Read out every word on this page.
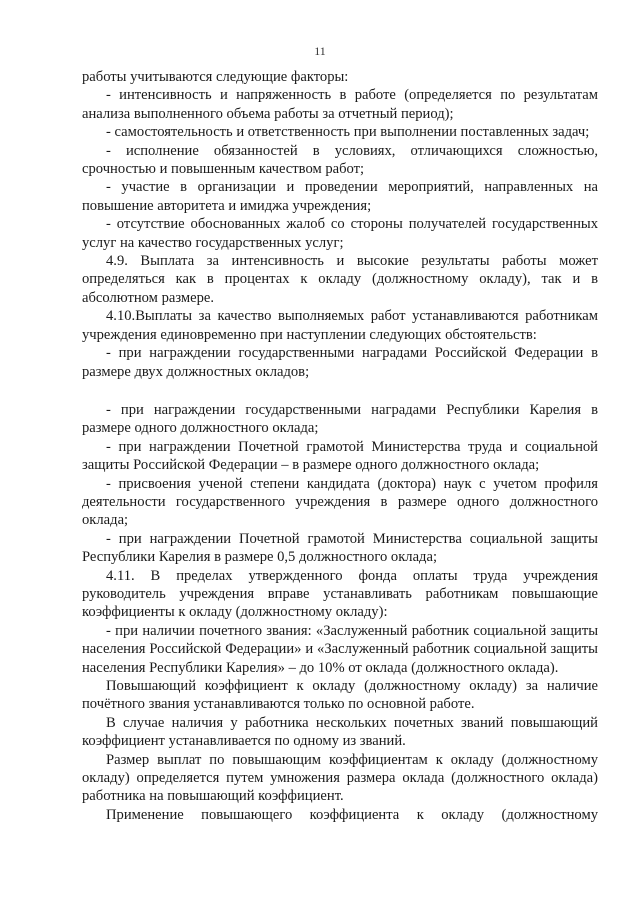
11

работы учитываются следующие факторы:

- интенсивность и напряженность в работе (определяется по результатам анализа выполненного объема работы за отчетный период);

- самостоятельность и ответственность при выполнении поставленных задач;

- исполнение обязанностей в условиях, отличающихся сложностью, срочностью и повышенным качеством работ;

- участие в организации и проведении мероприятий, направленных на повышение авторитета и имиджа учреждения;

- отсутствие обоснованных жалоб со стороны получателей государственных услуг на качество государственных услуг;

4.9. Выплата за интенсивность и высокие результаты работы может определяться как в процентах к окладу (должностному окладу), так и в абсолютном размере.

4.10.Выплаты за качество выполняемых работ устанавливаются работникам учреждения единовременно при наступлении следующих обстоятельств:

- при награждении государственными наградами Российской Федерации в размере двух должностных окладов;

- при награждении государственными наградами Республики Карелия в размере одного должностного оклада;

- при награждении Почетной грамотой Министерства труда и социальной защиты Российской Федерации – в размере одного должностного оклада;

- присвоения ученой степени кандидата (доктора) наук с учетом профиля деятельности государственного учреждения в размере одного должностного оклада;

- при награждении Почетной грамотой Министерства социальной защиты Республики Карелия в размере 0,5 должностного оклада;

4.11. В пределах утвержденного фонда оплаты труда учреждения руководитель учреждения вправе устанавливать работникам повышающие коэффициенты к окладу (должностному окладу):

- при наличии почетного звания: «Заслуженный работник социальной защиты населения Российской Федерации» и «Заслуженный работник социальной защиты населения Республики Карелия» – до 10% от оклада (должностного оклада).

Повышающий коэффициент к окладу (должностному окладу) за наличие почётного звания устанавливаются только по основной работе.

В случае наличия у работника нескольких почетных званий повышающий коэффициент устанавливается по одному из званий.

Размер выплат по повышающим коэффициентам к окладу (должностному окладу) определяется путем умножения размера оклада (должностного оклада) работника на повышающий коэффициент.

Применение повышающего коэффициента к окладу (должностному
